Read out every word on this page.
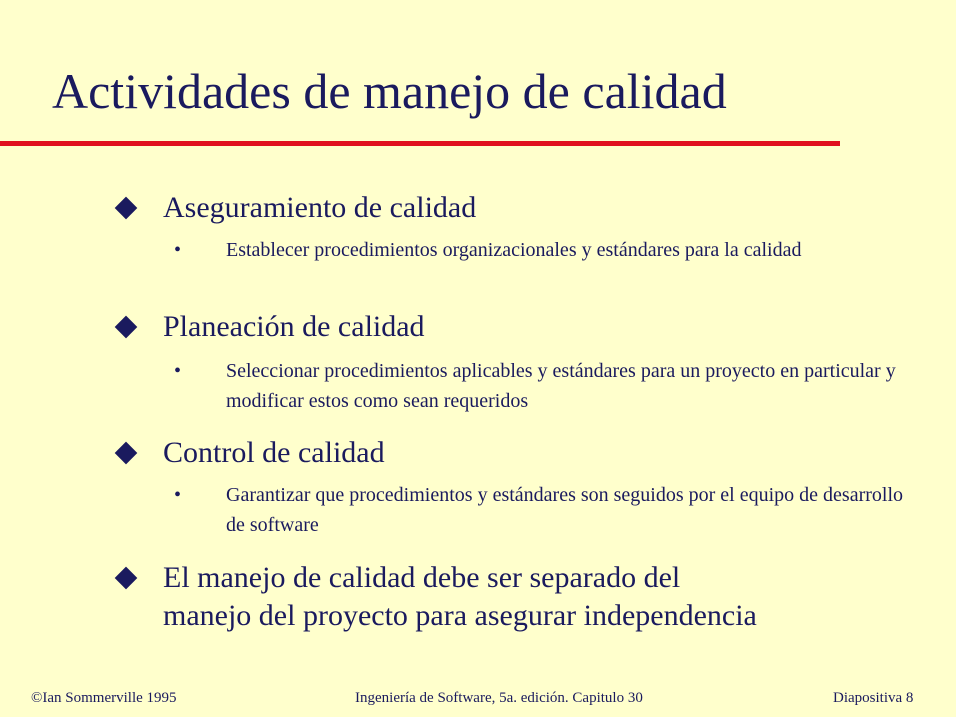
Actividades de manejo de calidad
Aseguramiento de calidad
•	Establecer procedimientos organizacionales y estándares para la calidad
Planeación de calidad
•	Seleccionar procedimientos aplicables y estándares para un proyecto en particular y modificar estos como sean requeridos
Control de calidad
•	Garantizar que procedimientos y estándares son seguidos por el equipo de desarrollo de software
El manejo de calidad debe ser separado del
manejo del proyecto para asegurar independencia
©Ian Sommerville 1995	Ingeniería de Software, 5a. edición. Capitulo 30	Diapositiva 8
